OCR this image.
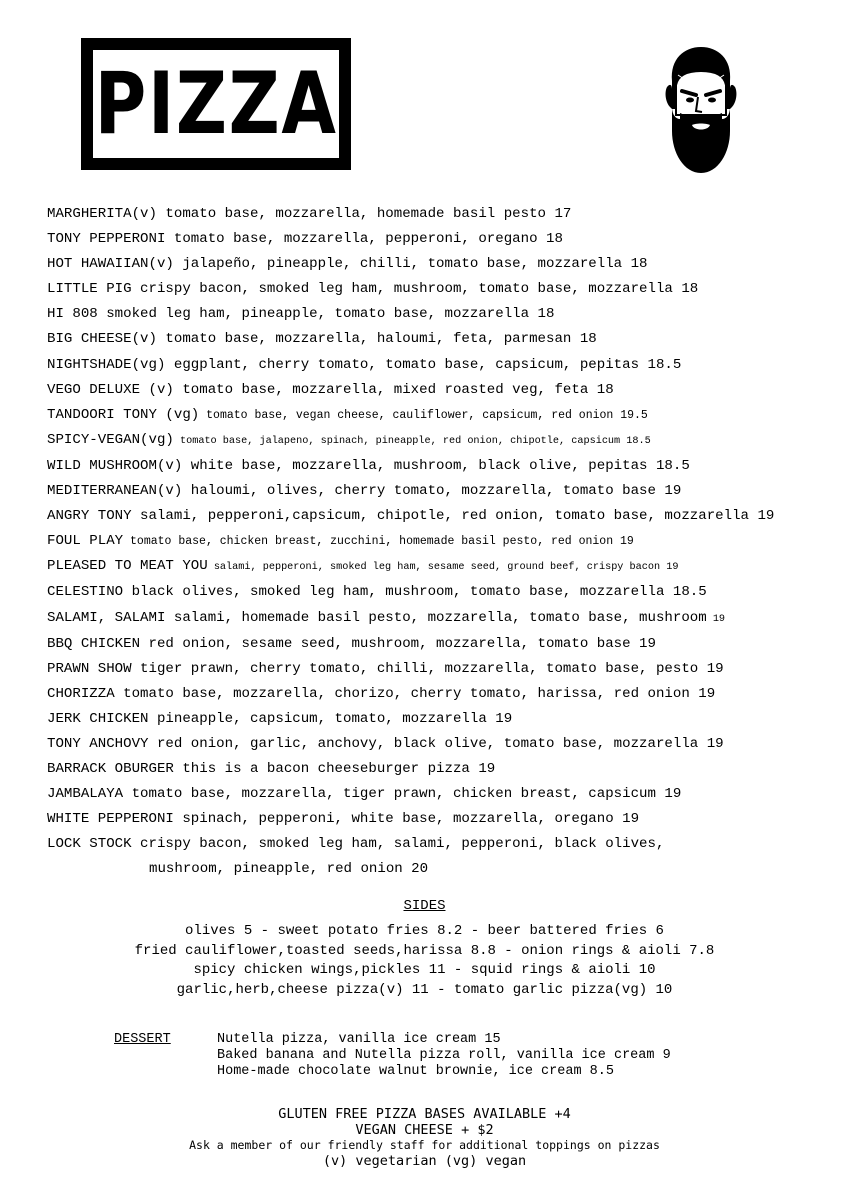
PIZZA
MARGHERITA(v) tomato base, mozzarella, homemade basil pesto 17
TONY PEPPERONI tomato base, mozzarella, pepperoni, oregano 18
HOT HAWAIIAN(v) jalapeño, pineapple, chilli, tomato base, mozzarella 18
LITTLE PIG crispy bacon, smoked leg ham, mushroom, tomato base, mozzarella 18
HI 808 smoked leg ham, pineapple, tomato base, mozzarella 18
BIG CHEESE(v) tomato base, mozzarella, haloumi, feta, parmesan 18
NIGHTSHADE(vg) eggplant, cherry tomato, tomato base, capsicum, pepitas 18.5
VEGO DELUXE (v) tomato base, mozzarella, mixed roasted veg, feta 18
TANDOORI TONY (vg) tomato base, vegan cheese, cauliflower, capsicum, red onion 19.5
SPICY-VEGAN(vg) tomato base, jalapeno, spinach, pineapple, red onion, chipotle, capsicum 18.5
WILD MUSHROOM(v) white base, mozzarella, mushroom, black olive, pepitas 18.5
MEDITERRANEAN(v) haloumi, olives, cherry tomato, mozzarella, tomato base 19
ANGRY TONY salami, pepperoni,capsicum, chipotle, red onion, tomato base, mozzarella 19
FOUL PLAY tomato base, chicken breast, zucchini, homemade basil pesto, red onion 19
PLEASED TO MEAT YOU salami, pepperoni, smoked leg ham, sesame seed, ground beef, crispy bacon 19
CELESTINO black olives, smoked leg ham, mushroom, tomato base, mozzarella 18.5
SALAMI, SALAMI salami, homemade basil pesto, mozzarella, tomato base, mushroom 19
BBQ CHICKEN red onion, sesame seed, mushroom, mozzarella, tomato base 19
PRAWN SHOW tiger prawn, cherry tomato, chilli, mozzarella, tomato base, pesto 19
CHORIZZA tomato base, mozzarella, chorizo, cherry tomato, harissa, red onion 19
JERK CHICKEN pineapple, capsicum, tomato, mozzarella 19
TONY ANCHOVY red onion, garlic, anchovy, black olive, tomato base, mozzarella 19
BARRACK OBURGER this is a bacon cheeseburger pizza 19
JAMBALAYA tomato base, mozzarella, tiger prawn, chicken breast, capsicum 19
WHITE PEPPERONI spinach, pepperoni, white base, mozzarella, oregano 19
LOCK STOCK crispy bacon, smoked leg ham, salami, pepperoni, black olives,
mushroom, pineapple, red onion 20
SIDES
olives 5 - sweet potato fries 8.2 - beer battered fries 6
fried cauliflower,toasted seeds,harissa 8.8 - onion rings & aioli 7.8
spicy chicken wings,pickles 11 - squid rings & aioli 10
garlic,herb,cheese pizza(v) 11 - tomato garlic pizza(vg) 10
DESSERT	Nutella pizza, vanilla ice cream 15
Baked banana and Nutella pizza roll, vanilla ice cream 9
Home-made chocolate walnut brownie, ice cream 8.5
GLUTEN FREE PIZZA BASES AVAILABLE +4
VEGAN CHEESE + $2
Ask a member of our friendly staff for additional toppings on pizzas
(v) vegetarian (vg) vegan
